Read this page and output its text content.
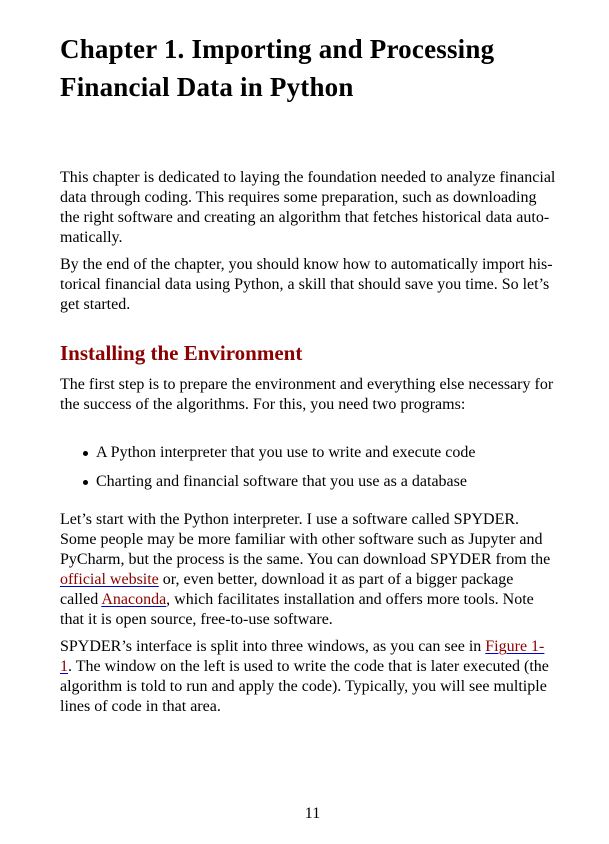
Chapter 1. Importing and Processing
Financial Data in Python

This chapter is dedicated to laying the foundation needed to analyze financial
data through coding. This requires some preparation, such as downloading
the right software and creating an algorithm that fetches historical data auto-
matically.

By the end of the chapter, you should know how to automatically import his-
torical financial data using Python, a skill that should save you time. So let’s
get started.

Installing the Environment

The first step is to prepare the environment and everything else necessary for
the success of the algorithms. For this, you need two programs:

A Python interpreter that you use to write and execute code
Charting and financial software that you use as a database

Let’s start with the Python interpreter. I use a software called SPYDER.
Some people may be more familiar with other software such as Jupyter and
PyCharm, but the process is the same. You can download SPYDER from the
official website or, even better, download it as part of a bigger package
called Anaconda, which facilitates installation and offers more tools. Note
that it is open source, free-to-use software.

SPYDER’s interface is split into three windows, as you can see in Figure 1-
1. The window on the left is used to write the code that is later executed (the
algorithm is told to run and apply the code). Typically, you will see multiple
lines of code in that area.

11
